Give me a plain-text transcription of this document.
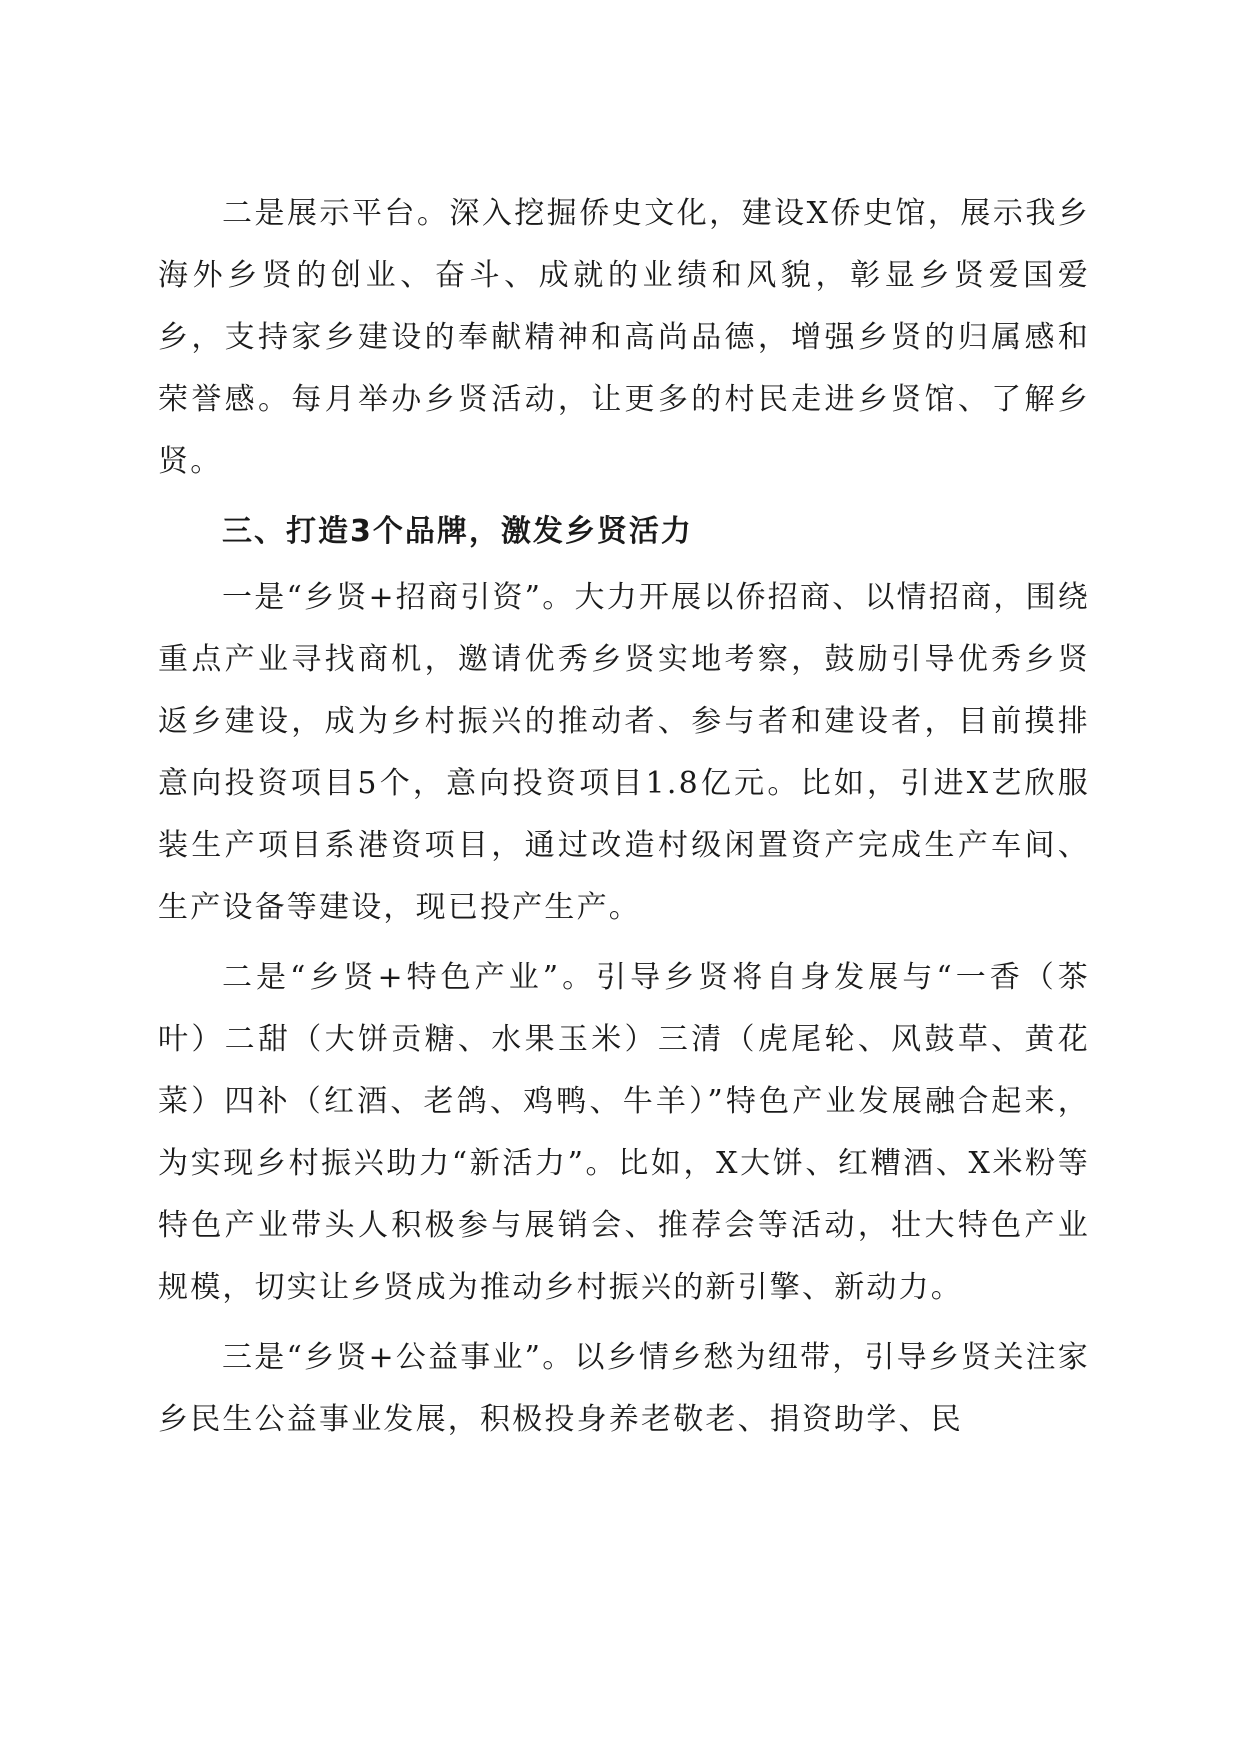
二是展示平台。深入挖掘侨史文化，建设X侨史馆，展示我乡海外乡贤的创业、奋斗、成就的业绩和风貌，彰显乡贤爱国爱乡，支持家乡建设的奉献精神和高尚品德，增强乡贤的归属感和荣誉感。每月举办乡贤活动，让更多的村民走进乡贤馆、了解乡贤。

三、打造3个品牌，激发乡贤活力

一是“乡贤+招商引资”。大力开展以侨招商、以情招商，围绕重点产业寻找商机，邀请优秀乡贤实地考察，鼓励引导优秀乡贤返乡建设，成为乡村振兴的推动者、参与者和建设者，目前摸排意向投资项目5个，意向投资项目1.8亿元。比如，引进X艺欣服装生产项目系港资项目，通过改造村级闲置资产完成生产车间、生产设备等建设，现已投产生产。

二是“乡贤+特色产业”。引导乡贤将自身发展与“一香（茶叶）二甜（大饼贡糖、水果玉米）三清（虎尾轮、风鼓草、黄花菜）四补（红酒、老鸽、鸡鸭、牛羊）”特色产业发展融合起来，为实现乡村振兴助力“新活力”。比如，X大饼、红糟酒、X米粉等特色产业带头人积极参与展销会、推荐会等活动，壮大特色产业规模，切实让乡贤成为推动乡村振兴的新引擎、新动力。

三是“乡贤+公益事业”。以乡情乡愁为纽带，引导乡贤关注家乡民生公益事业发展，积极投身养老敬老、捐资助学、民
